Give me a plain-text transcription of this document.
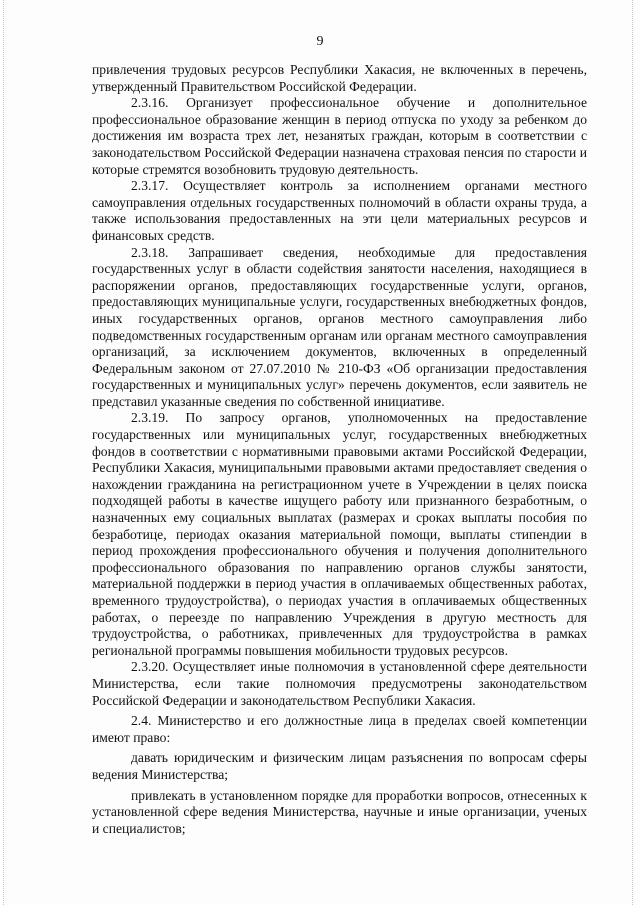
9

привлечения трудовых ресурсов Республики Хакасия, не включенных в перечень, утвержденный Правительством Российской Федерации.

2.3.16. Организует профессиональное обучение и дополнительное профессиональное образование женщин в период отпуска по уходу за ребенком до достижения им возраста трех лет, незанятых граждан, которым в соответствии с законодательством Российской Федерации назначена страховая пенсия по старости и которые стремятся возобновить трудовую деятельность.

2.3.17. Осуществляет контроль за исполнением органами местного самоуправления отдельных государственных полномочий в области охраны труда, а также использования предоставленных на эти цели материальных ресурсов и финансовых средств.

2.3.18. Запрашивает сведения, необходимые для предоставления государственных услуг в области содействия занятости населения, находящиеся в распоряжении органов, предоставляющих государственные услуги, органов, предоставляющих муниципальные услуги, государственных внебюджетных фондов, иных государственных органов, органов местного самоуправления либо подведомственных государственным органам или органам местного самоуправления организаций, за исключением документов, включенных в определенный Федеральным законом от 27.07.2010 № 210-ФЗ «Об организации предоставления государственных и муниципальных услуг» перечень документов, если заявитель не представил указанные сведения по собственной инициативе.

2.3.19. По запросу органов, уполномоченных на предоставление государственных или муниципальных услуг, государственных внебюджетных фондов в соответствии с нормативными правовыми актами Российской Федерации, Республики Хакасия, муниципальными правовыми актами предоставляет сведения о нахождении гражданина на регистрационном учете в Учреждении в целях поиска подходящей работы в качестве ищущего работу или признанного безработным, о назначенных ему социальных выплатах (размерах и сроках выплаты пособия по безработице, периодах оказания материальной помощи, выплаты стипендии в период прохождения профессионального обучения и получения дополнительного профессионального образования по направлению органов службы занятости, материальной поддержки в период участия в оплачиваемых общественных работах, временного трудоустройства), о периодах участия в оплачиваемых общественных работах, о переезде по направлению Учреждения в другую местность для трудоустройства, о работниках, привлеченных для трудоустройства в рамках региональной программы повышения мобильности трудовых ресурсов.

2.3.20. Осуществляет иные полномочия в установленной сфере деятельности Министерства, если такие полномочия предусмотрены законодательством Российской Федерации и законодательством Республики Хакасия.

2.4. Министерство и его должностные лица в пределах своей компетенции имеют право:

давать юридическим и физическим лицам разъяснения по вопросам сферы ведения Министерства;

привлекать в установленном порядке для проработки вопросов, отнесенных к установленной сфере ведения Министерства, научные и иные организации, ученых и специалистов;
